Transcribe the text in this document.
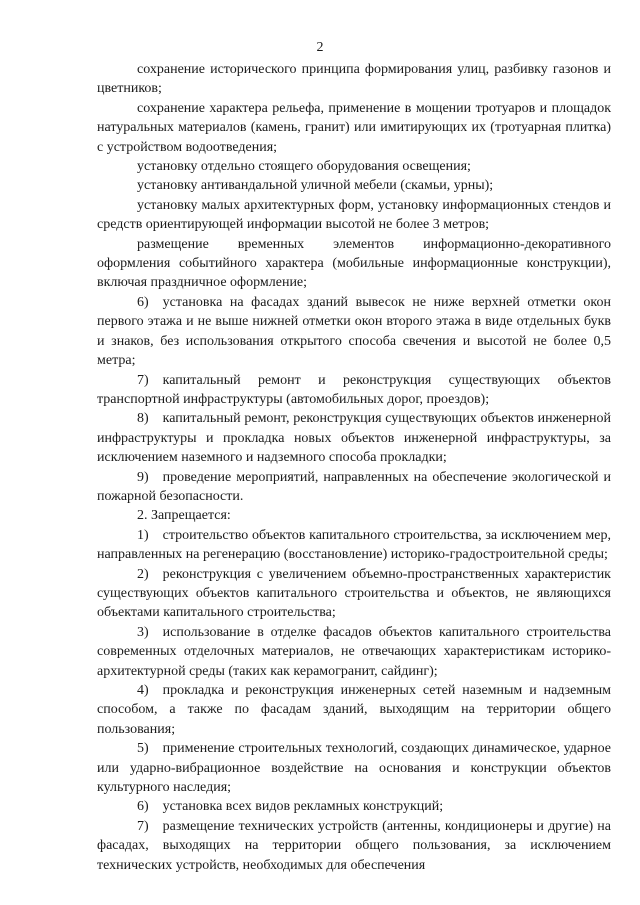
2

сохранение исторического принципа формирования улиц, разбивку газонов и цветников;

сохранение характера рельефа, применение в мощении тротуаров и площадок натуральных материалов (камень, гранит) или имитирующих их (тротуарная плитка) с устройством водоотведения;

установку отдельно стоящего оборудования освещения;

установку антивандальной уличной мебели (скамьи, урны);

установку малых архитектурных форм, установку информационных стендов и средств ориентирующей информации высотой не более 3 метров;

размещение временных элементов информационно-декоративного оформления событийного характера (мобильные информационные конструкции), включая праздничное оформление;

6) установка на фасадах зданий вывесок не ниже верхней отметки окон первого этажа и не выше нижней отметки окон второго этажа в виде отдельных букв и знаков, без использования открытого способа свечения и высотой не более 0,5 метра;

7) капитальный ремонт и реконструкция существующих объектов транспортной инфраструктуры (автомобильных дорог, проездов);

8) капитальный ремонт, реконструкция существующих объектов инженерной инфраструктуры и прокладка новых объектов инженерной инфраструктуры, за исключением наземного и надземного способа прокладки;

9) проведение мероприятий, направленных на обеспечение экологической и пожарной безопасности.

2. Запрещается:

1) строительство объектов капитального строительства, за исключением мер, направленных на регенерацию (восстановление) историко-градостроительной среды;

2) реконструкция с увеличением объемно-пространственных характеристик существующих объектов капитального строительства и объектов, не являющихся объектами капитального строительства;

3) использование в отделке фасадов объектов капитального строительства современных отделочных материалов, не отвечающих характеристикам историко-архитектурной среды (таких как керамогранит, сайдинг);

4) прокладка и реконструкция инженерных сетей наземным и надземным способом, а также по фасадам зданий, выходящим на территории общего пользования;

5) применение строительных технологий, создающих динамическое, ударное или ударно-вибрационное воздействие на основания и конструкции объектов культурного наследия;

6) установка всех видов рекламных конструкций;

7) размещение технических устройств (антенны, кондиционеры и другие) на фасадах, выходящих на территории общего пользования, за исключением технических устройств, необходимых для обеспечения
